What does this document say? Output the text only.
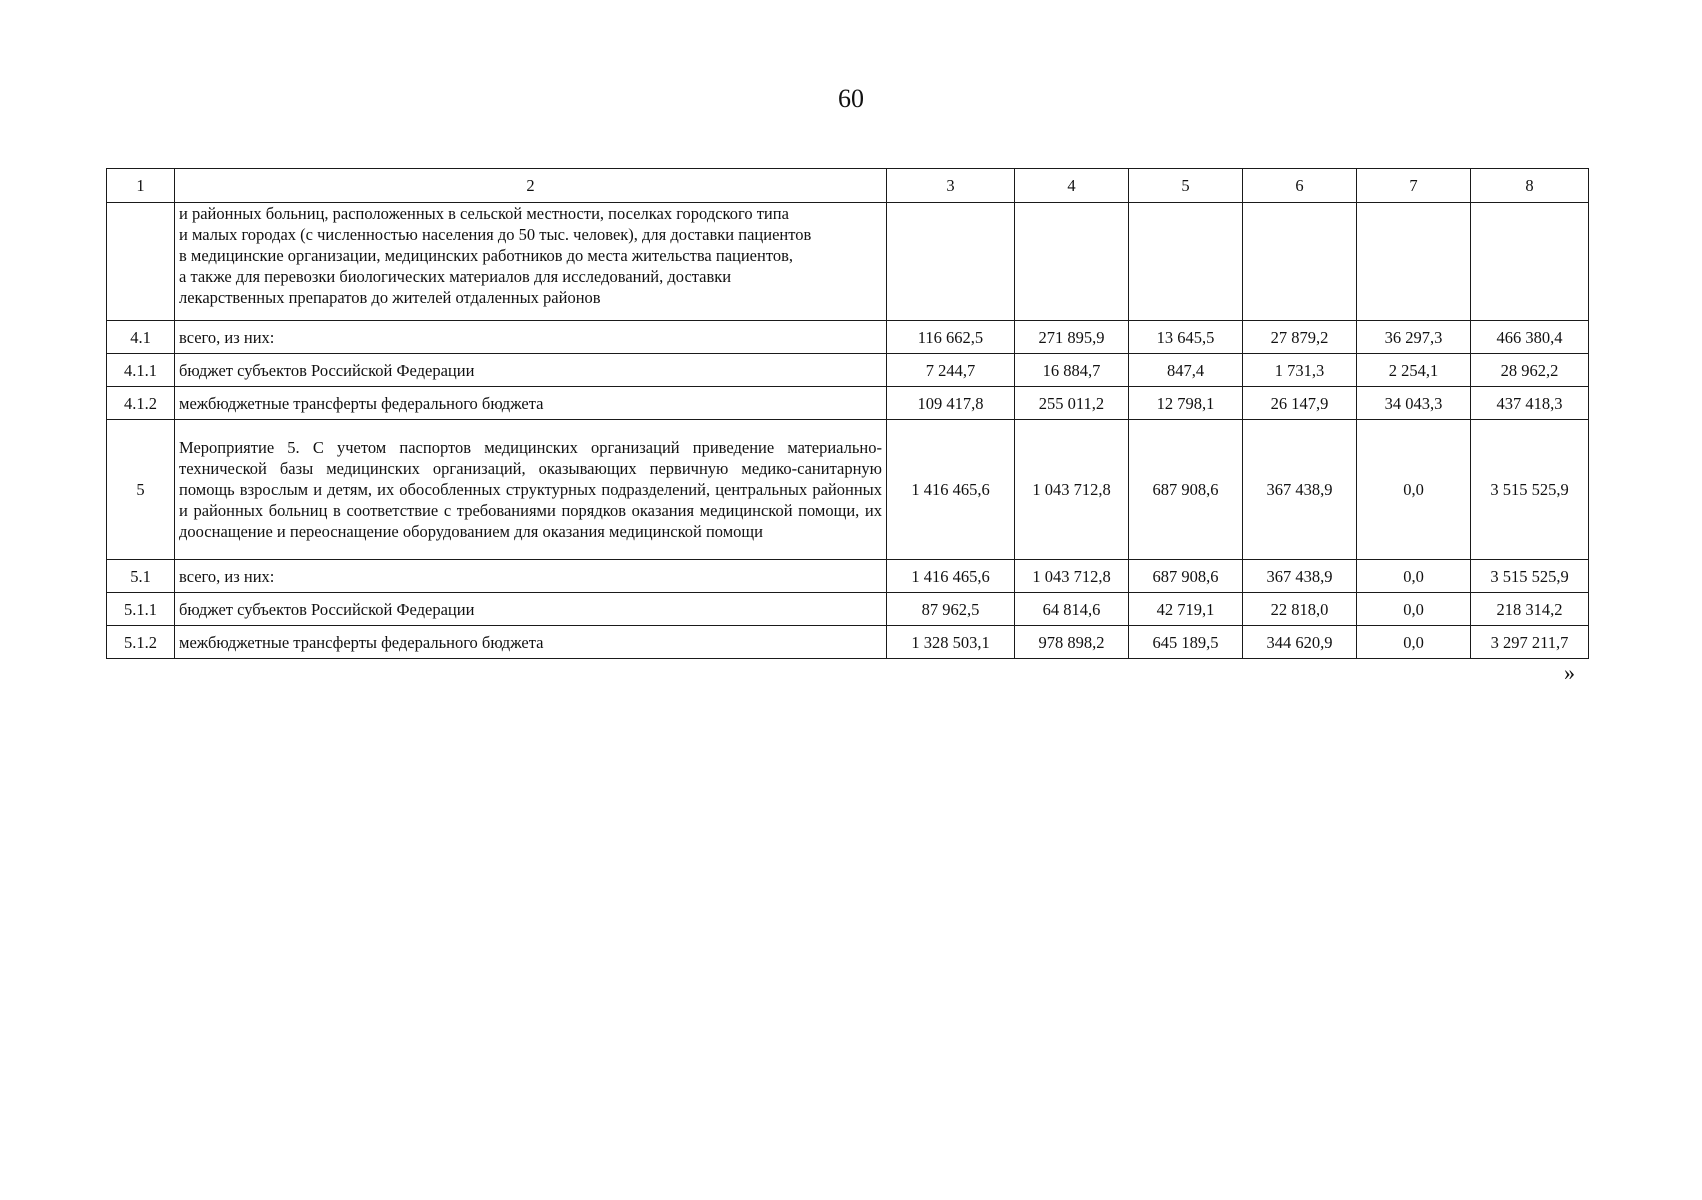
60
1	2	3	4	5	6	7	8

	и районных больниц, расположенных в сельской местности, поселках городского типа
и малых городах (с численностью населения до 50 тыс. человек), для доставки пациентов
в медицинские организации, медицинских работников до места жительства пациентов,
а также для перевозки биологических материалов для исследований, доставки
лекарственных препаратов до жителей отдаленных районов						

4.1	всего, из них:	116 662,5	271 895,9	13 645,5	27 879,2	36 297,3	466 380,4
4.1.1	бюджет субъектов Российской Федерации	7 244,7	16 884,7	847,4	1 731,3	2 254,1	28 962,2
4.1.2	межбюджетные трансферты федерального бюджета	109 417,8	255 011,2	12 798,1	26 147,9	34 043,3	437 418,3
5	Мероприятие 5. С учетом паспортов медицинских организаций приведение материально-технической базы медицинских организаций, оказывающих первичную медико-санитарную помощь взрослым и детям, их обособленных структурных подразделений, центральных районных и районных больниц в соответствие с требованиями порядков оказания медицинской помощи, их дооснащение и переоснащение оборудованием для оказания медицинской помощи	1 416 465,6	1 043 712,8	687 908,6	367 438,9	0,0	3 515 525,9
5.1	всего, из них:	1 416 465,6	1 043 712,8	687 908,6	367 438,9	0,0	3 515 525,9
5.1.1	бюджет субъектов Российской Федерации	87 962,5	64 814,6	42 719,1	22 818,0	0,0	218 314,2
5.1.2	межбюджетные трансферты федерального бюджета	1 328 503,1	978 898,2	645 189,5	344 620,9	0,0	3 297 211,7
»
